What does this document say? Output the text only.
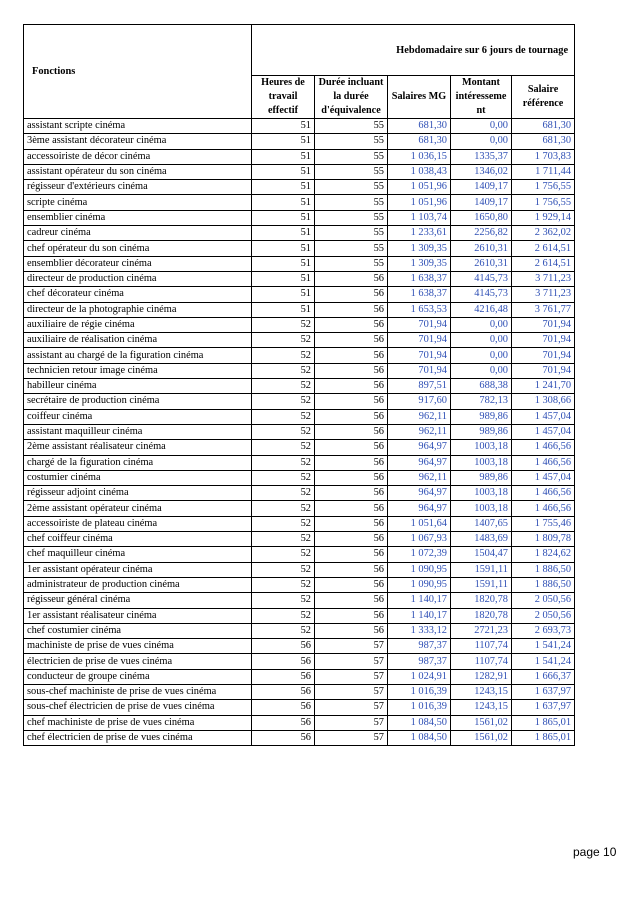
Fonctions	Hebdomadaire sur 6 jours de tournage				
	Heures de travail effectif	Durée incluant la durée d'équivalence	Salaires MG	Montant intéresseme nt	Salaire référence
assistant scripte cinéma	51	55	681,30	0,00	681,30
3ème assistant décorateur cinéma	51	55	681,30	0,00	681,30
accessoiriste de décor cinéma	51	55	1 036,15	1335,37	1 703,83
assistant opérateur du son cinéma	51	55	1 038,43	1346,02	1 711,44
régisseur d'extérieurs cinéma	51	55	1 051,96	1409,17	1 756,55
scripte cinéma	51	55	1 051,96	1409,17	1 756,55
ensemblier cinéma	51	55	1 103,74	1650,80	1 929,14
cadreur cinéma	51	55	1 233,61	2256,82	2 362,02
chef opérateur du son cinéma	51	55	1 309,35	2610,31	2 614,51
ensemblier décorateur cinéma	51	55	1 309,35	2610,31	2 614,51
directeur de production cinéma	51	56	1 638,37	4145,73	3 711,23
chef décorateur cinéma	51	56	1 638,37	4145,73	3 711,23
directeur de la photographie cinéma	51	56	1 653,53	4216,48	3 761,77
auxiliaire de régie cinéma	52	56	701,94	0,00	701,94
auxiliaire de réalisation cinéma	52	56	701,94	0,00	701,94
assistant au chargé de la figuration cinéma	52	56	701,94	0,00	701,94
technicien retour image cinéma	52	56	701,94	0,00	701,94
habilleur cinéma	52	56	897,51	688,38	1 241,70
secrétaire de production cinéma	52	56	917,60	782,13	1 308,66
coiffeur cinéma	52	56	962,11	989,86	1 457,04
assistant maquilleur cinéma	52	56	962,11	989,86	1 457,04
2ème assistant réalisateur cinéma	52	56	964,97	1003,18	1 466,56
chargé de la figuration cinéma	52	56	964,97	1003,18	1 466,56
costumier cinéma	52	56	962,11	989,86	1 457,04
régisseur adjoint cinéma	52	56	964,97	1003,18	1 466,56
2ème assistant opérateur cinéma	52	56	964,97	1003,18	1 466,56
accessoiriste de plateau cinéma	52	56	1 051,64	1407,65	1 755,46
chef coiffeur cinéma	52	56	1 067,93	1483,69	1 809,78
chef maquilleur cinéma	52	56	1 072,39	1504,47	1 824,62
1er assistant opérateur cinéma	52	56	1 090,95	1591,11	1 886,50
administrateur de production cinéma	52	56	1 090,95	1591,11	1 886,50
régisseur général cinéma	52	56	1 140,17	1820,78	2 050,56
1er assistant réalisateur cinéma	52	56	1 140,17	1820,78	2 050,56
chef costumier cinéma	52	56	1 333,12	2721,23	2 693,73
machiniste de prise de vues cinéma	56	57	987,37	1107,74	1 541,24
électricien de prise de vues cinéma	56	57	987,37	1107,74	1 541,24
conducteur de groupe cinéma	56	57	1 024,91	1282,91	1 666,37
sous-chef machiniste de prise de vues cinéma	56	57	1 016,39	1243,15	1 637,97
sous-chef électricien de prise de vues cinéma	56	57	1 016,39	1243,15	1 637,97
chef machiniste de prise de vues cinéma	56	57	1 084,50	1561,02	1 865,01
chef électricien de prise de vues cinéma	56	57	1 084,50	1561,02	1 865,01
page 10
